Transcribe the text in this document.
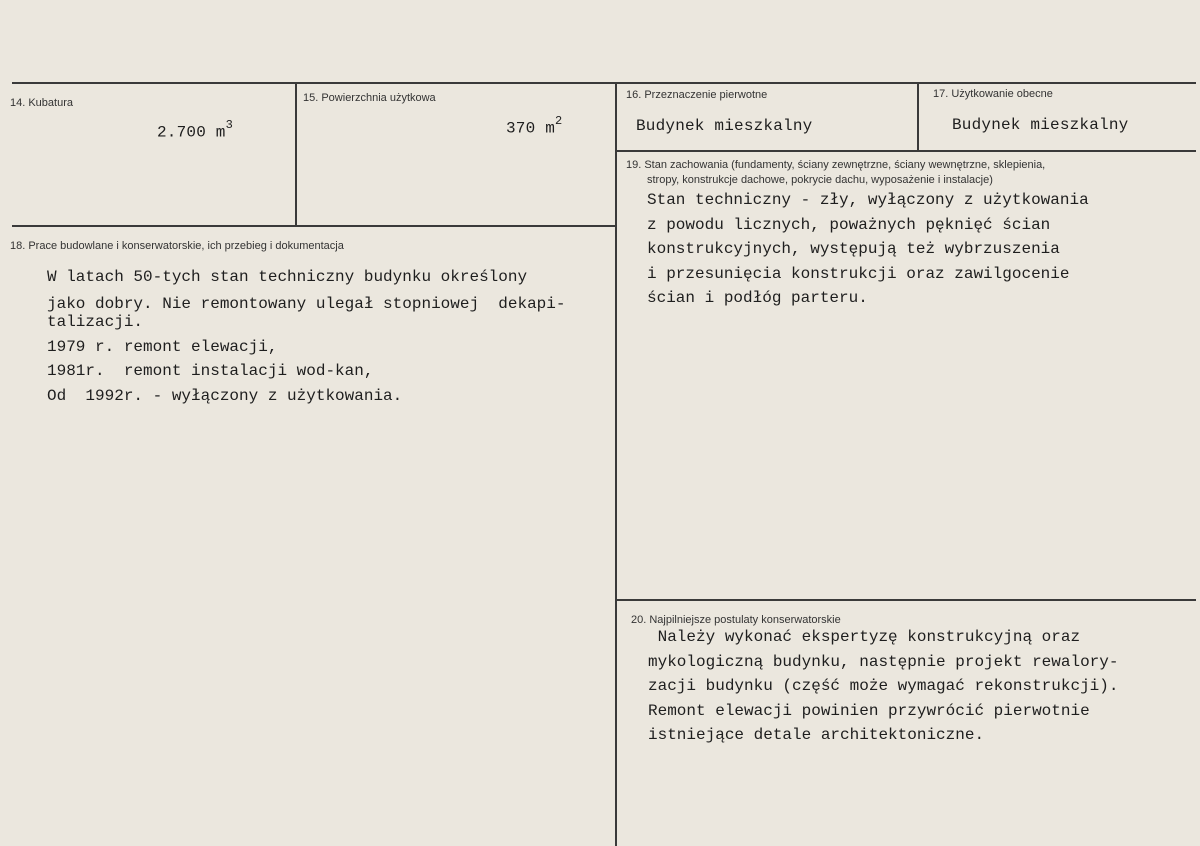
14. Kubatura
2.700 $m^3$
15. Powierzchnia użytkowa
370 $m^2$
16. Przeznaczenie pierwotne
Budynek mieszkalny
17. Użytkowanie obecne
Budynek mieszkalny
19. Stan zachowania (fundamenty, ściany zewnętrzne, ściany wewnętrzne, sklepienia,
stropy, konstrukcje dachowe, pokrycie dachu, wyposażenie i instalacje)
Stan techniczny - zły, wyłączony z użytkowania
z powodu licznych, poważnych pęknięć ścian
konstrukcyjnych, występują też wybrzuszenia
i przesunięcia konstrukcji oraz zawilgocenie
ścian i podłóg parteru.
18. Prace budowlane i konserwatorskie, ich przebieg i dokumentacja
W latach 50-tych stan techniczny budynku określony
jako dobry. Nie remontowany ulegał stopniowej  dekapi-
talizacji.
1979 r. remont elewacji,
1981r.  remont instalacji wod-kan,
Od  1992r. - wyłączony z użytkowania.
20. Najpilniejsze postulaty konserwatorskie
Należy wykonać ekspertyzę konstrukcyjną oraz
mykologiczną budynku, następnie projekt rewalory-
zacji budynku (część może wymagać rekonstrukcji).
Remont elewacji powinien przywrócić pierwotnie
istniejące detale architektoniczne.
